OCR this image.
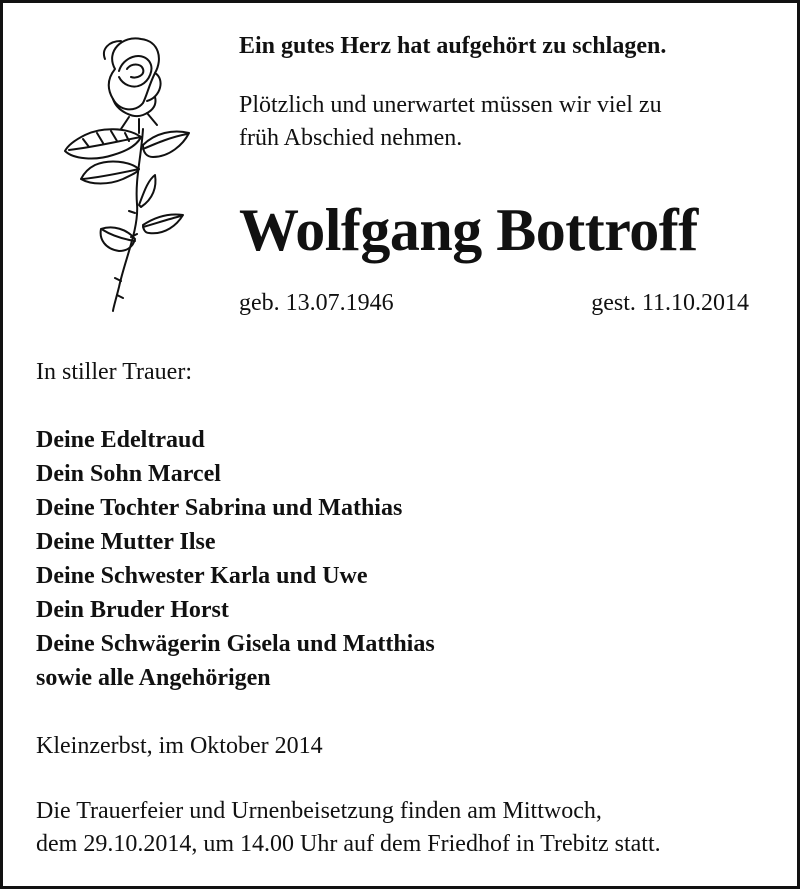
Ein gutes Herz hat aufgehört zu schlagen.

Plötzlich und unerwartet müssen wir viel zu
früh Abschied nehmen.

Wolfgang Bottroff
geb. 13.07.1946	gest. 11.10.2014

In stiller Trauer:

Deine Edeltraud
Dein Sohn Marcel
Deine Tochter Sabrina und Mathias
Deine Mutter Ilse
Deine Schwester Karla und Uwe
Dein Bruder Horst
Deine Schwägerin Gisela und Matthias
sowie alle Angehörigen

Kleinzerbst, im Oktober 2014

Die Trauerfeier und Urnenbeisetzung finden am Mittwoch,
dem 29.10.2014, um 14.00 Uhr auf dem Friedhof in Trebitz statt.
